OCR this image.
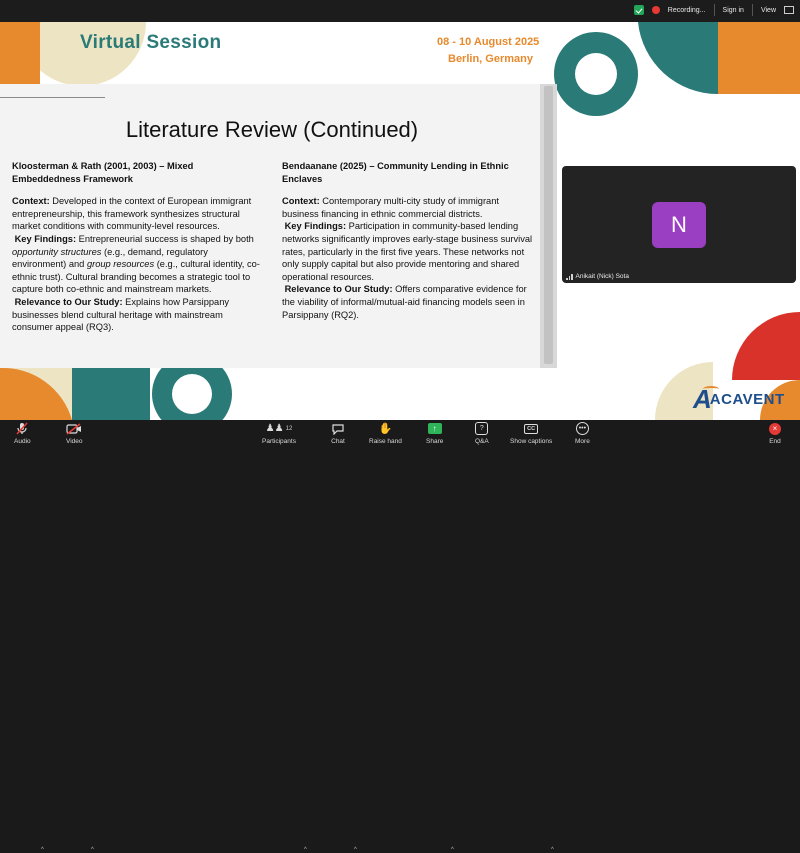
Recording... Sign in View
Virtual Session	08 - 10 August 2025
Berlin, Germany
Literature Review (Continued)
Kloosterman & Rath (2001, 2003) – Mixed Embeddedness Framework

Context: Developed in the context of European immigrant entrepreneurship, this framework synthesizes structural market conditions with community-level resources.

Key Findings: Entrepreneurial success is shaped by both opportunity structures (e.g., demand, regulatory environment) and group resources (e.g., cultural identity, co-ethnic trust). Cultural branding becomes a strategic tool to capture both co-ethnic and mainstream markets.

Relevance to Our Study: Explains how Parsippany businesses blend cultural heritage with mainstream consumer appeal (RQ3).

Bendaanane (2025) – Community Lending in Ethnic Enclaves

Context: Contemporary multi-city study of immigrant business financing in ethnic commercial districts.

Key Findings: Participation in community-based lending networks significantly improves early-stage business survival rates, particularly in the first five years. These networks not only supply capital but also provide mentoring and shared operational resources.

Relevance to Our Study: Offers comparative evidence for the viability of informal/mutual-aid financing models seen in Parsippany (RQ2).

A
ACAVENT
N
Anikait (Nick) Sota
Audio
^
Video
^
♟♟ 12
Participants
^
Chat
^
✋
Raise hand
↑
Share
^
?
Q&A
CC
Show captions
^
•••
More
×
End
